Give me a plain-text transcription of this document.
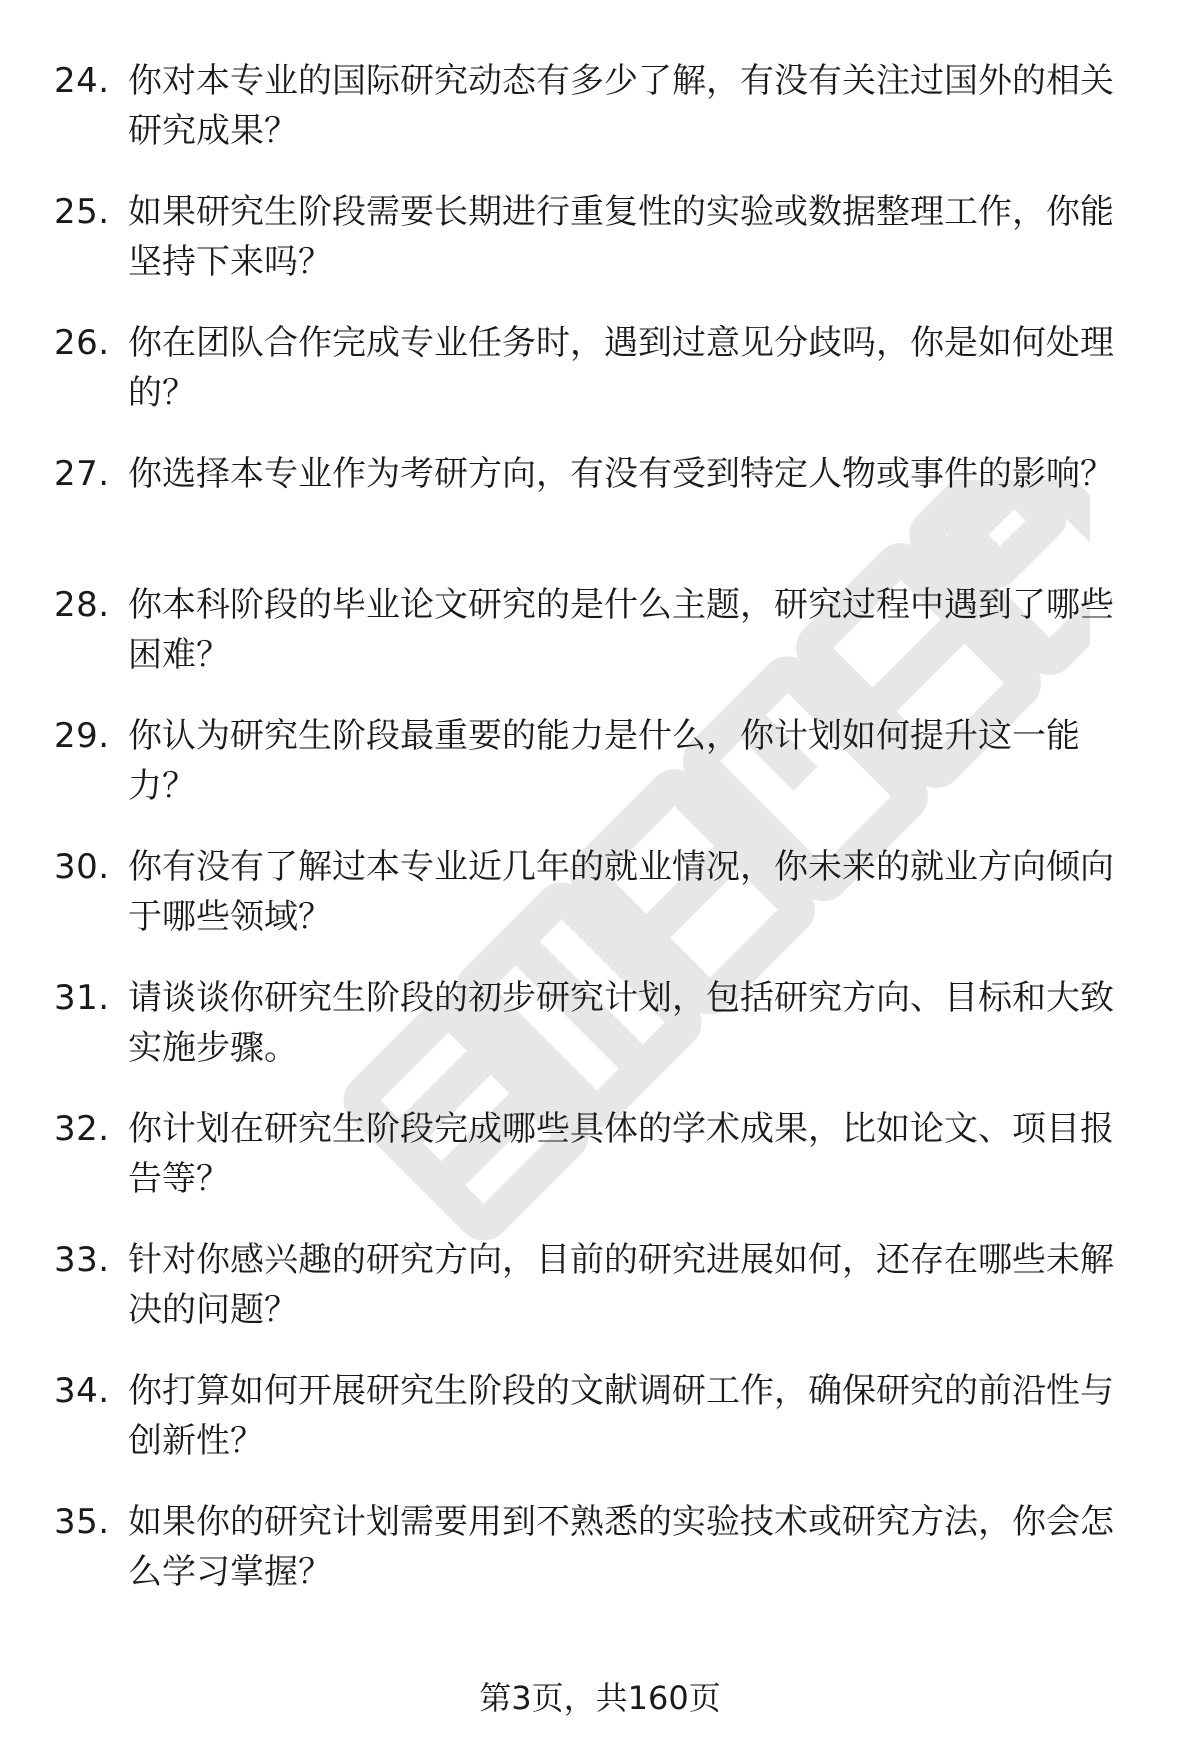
24. 你对本专业的国际研究动态有多少了解，有没有关注过国外的相关研究成果？

25. 如果研究生阶段需要长期进行重复性的实验或数据整理工作，你能坚持下来吗？

26. 你在团队合作完成专业任务时，遇到过意见分歧吗，你是如何处理的？

27. 你选择本专业作为考研方向，有没有受到特定人物或事件的影响？

28. 你本科阶段的毕业论文研究的是什么主题，研究过程中遇到了哪些困难？

29. 你认为研究生阶段最重要的能力是什么，你计划如何提升这一能力？

30. 你有没有了解过本专业近几年的就业情况，你未来的就业方向倾向于哪些领域？

31. 请谈谈你研究生阶段的初步研究计划，包括研究方向、目标和大致实施步骤。

32. 你计划在研究生阶段完成哪些具体的学术成果，比如论文、项目报告等？

33. 针对你感兴趣的研究方向，目前的研究进展如何，还存在哪些未解决的问题？

34. 你打算如何开展研究生阶段的文献调研工作，确保研究的前沿性与创新性？

35. 如果你的研究计划需要用到不熟悉的实验技术或研究方法，你会怎么学习掌握？

第3页，共160页
